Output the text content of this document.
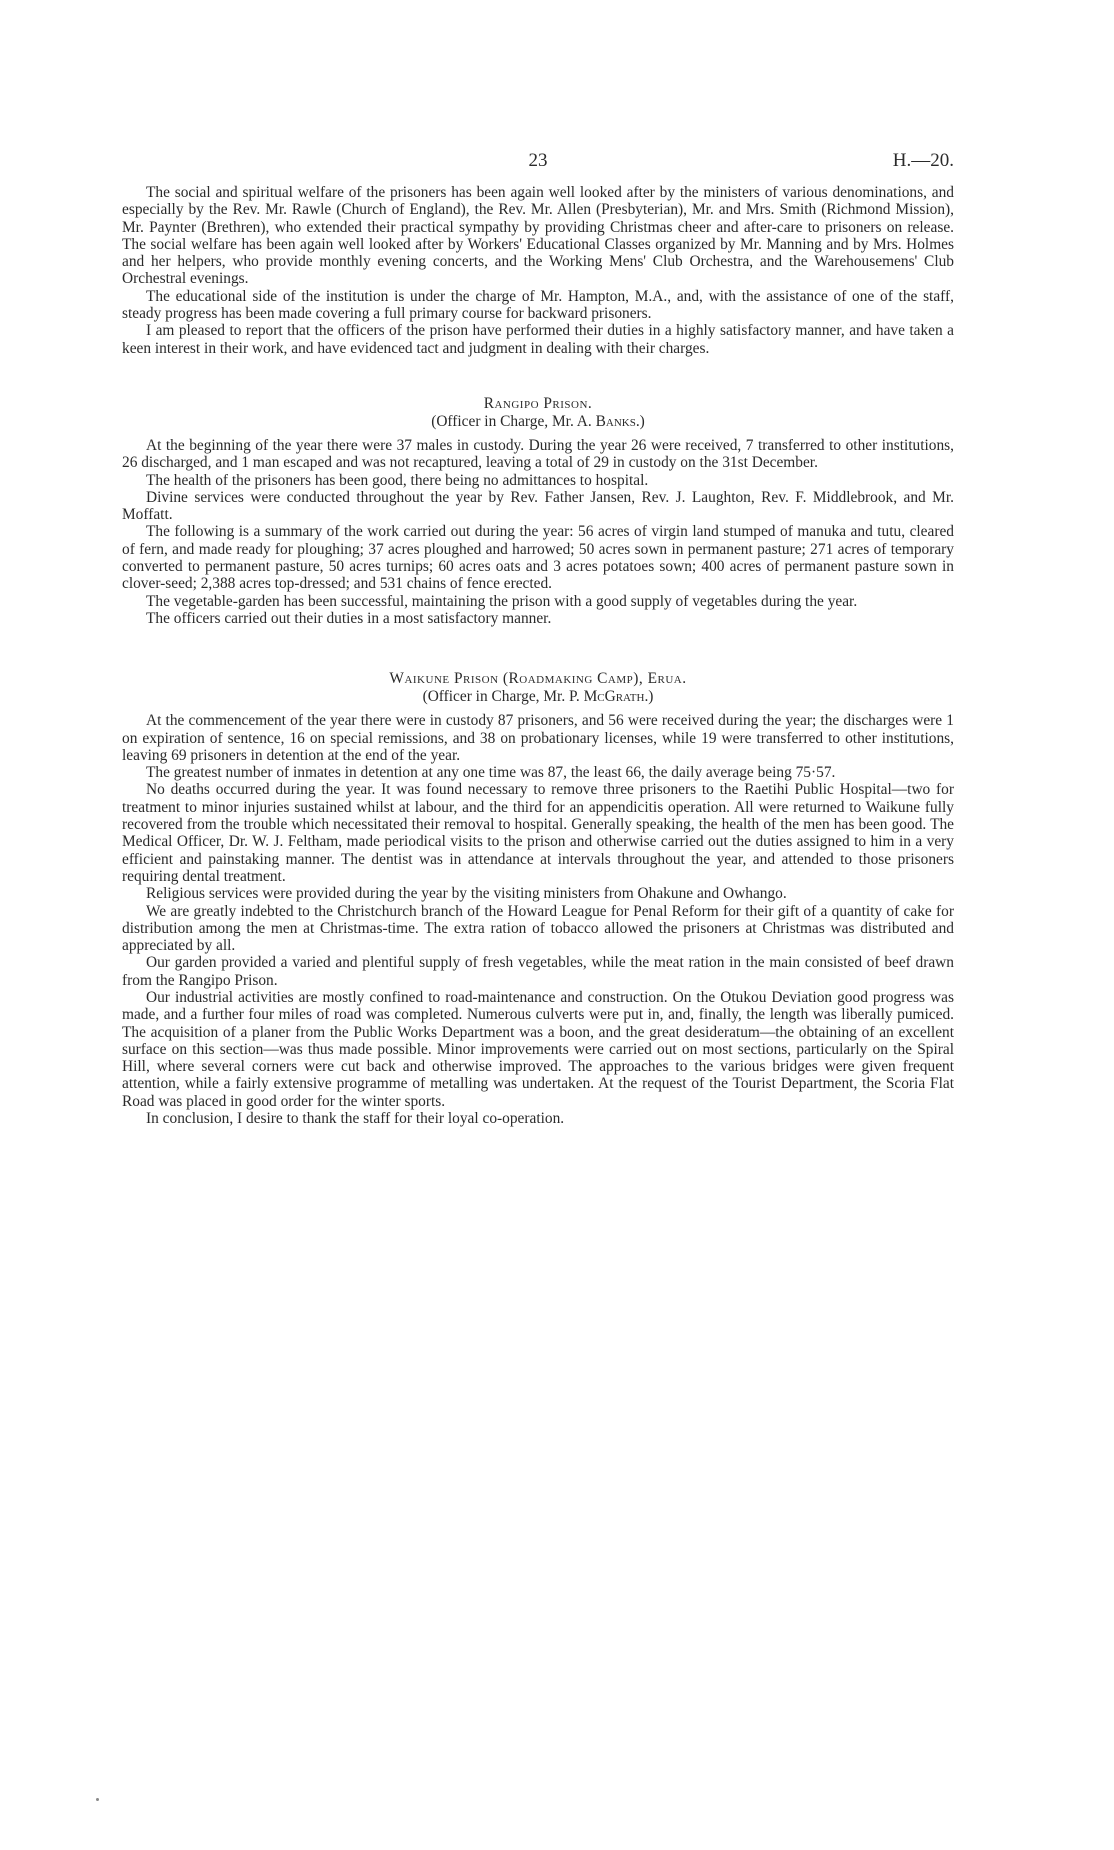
23	H.—20.

The social and spiritual welfare of the prisoners has been again well looked after by the ministers of various denominations, and especially by the Rev. Mr. Rawle (Church of England), the Rev. Mr. Allen (Presbyterian), Mr. and Mrs. Smith (Richmond Mission), Mr. Paynter (Brethren), who extended their practical sympathy by providing Christmas cheer and after-care to prisoners on release. The social welfare has been again well looked after by Workers' Educational Classes organized by Mr. Manning and by Mrs. Holmes and her helpers, who provide monthly evening concerts, and the Working Mens' Club Orchestra, and the Warehousemens' Club Orchestral evenings.

The educational side of the institution is under the charge of Mr. Hampton, M.A., and, with the assistance of one of the staff, steady progress has been made covering a full primary course for backward prisoners.

I am pleased to report that the officers of the prison have performed their duties in a highly satisfactory manner, and have taken a keen interest in their work, and have evidenced tact and judgment in dealing with their charges.

Rangipo Prison.

(Officer in Charge, Mr. A. Banks.)

At the beginning of the year there were 37 males in custody. During the year 26 were received, 7 transferred to other institutions, 26 discharged, and 1 man escaped and was not recaptured, leaving a total of 29 in custody on the 31st December.

The health of the prisoners has been good, there being no admittances to hospital.

Divine services were conducted throughout the year by Rev. Father Jansen, Rev. J. Laughton, Rev. F. Middlebrook, and Mr. Moffatt.

The following is a summary of the work carried out during the year: 56 acres of virgin land stumped of manuka and tutu, cleared of fern, and made ready for ploughing; 37 acres ploughed and harrowed; 50 acres sown in permanent pasture; 271 acres of temporary converted to permanent pasture, 50 acres turnips; 60 acres oats and 3 acres potatoes sown; 400 acres of permanent pasture sown in clover-seed; 2,388 acres top-dressed; and 531 chains of fence erected.

The vegetable-garden has been successful, maintaining the prison with a good supply of vegetables during the year.

The officers carried out their duties in a most satisfactory manner.

Waikune Prison (Roadmaking Camp), Erua.

(Officer in Charge, Mr. P. McGrath.)

At the commencement of the year there were in custody 87 prisoners, and 56 were received during the year; the discharges were 1 on expiration of sentence, 16 on special remissions, and 38 on probationary licenses, while 19 were transferred to other institutions, leaving 69 prisoners in detention at the end of the year.

The greatest number of inmates in detention at any one time was 87, the least 66, the daily average being 75·57.

No deaths occurred during the year. It was found necessary to remove three prisoners to the Raetihi Public Hospital—two for treatment to minor injuries sustained whilst at labour, and the third for an appendicitis operation. All were returned to Waikune fully recovered from the trouble which necessitated their removal to hospital. Generally speaking, the health of the men has been good. The Medical Officer, Dr. W. J. Feltham, made periodical visits to the prison and otherwise carried out the duties assigned to him in a very efficient and painstaking manner. The dentist was in attendance at intervals throughout the year, and attended to those prisoners requiring dental treatment.

Religious services were provided during the year by the visiting ministers from Ohakune and Owhango.

We are greatly indebted to the Christchurch branch of the Howard League for Penal Reform for their gift of a quantity of cake for distribution among the men at Christmas-time. The extra ration of tobacco allowed the prisoners at Christmas was distributed and appreciated by all.

Our garden provided a varied and plentiful supply of fresh vegetables, while the meat ration in the main consisted of beef drawn from the Rangipo Prison.

Our industrial activities are mostly confined to road-maintenance and construction. On the Otukou Deviation good progress was made, and a further four miles of road was completed. Numerous culverts were put in, and, finally, the length was liberally pumiced. The acquisition of a planer from the Public Works Department was a boon, and the great desideratum—the obtaining of an excellent surface on this section—was thus made possible. Minor improvements were carried out on most sections, particularly on the Spiral Hill, where several corners were cut back and otherwise improved. The approaches to the various bridges were given frequent attention, while a fairly extensive programme of metalling was undertaken. At the request of the Tourist Department, the Scoria Flat Road was placed in good order for the winter sports.

In conclusion, I desire to thank the staff for their loyal co-operation.
